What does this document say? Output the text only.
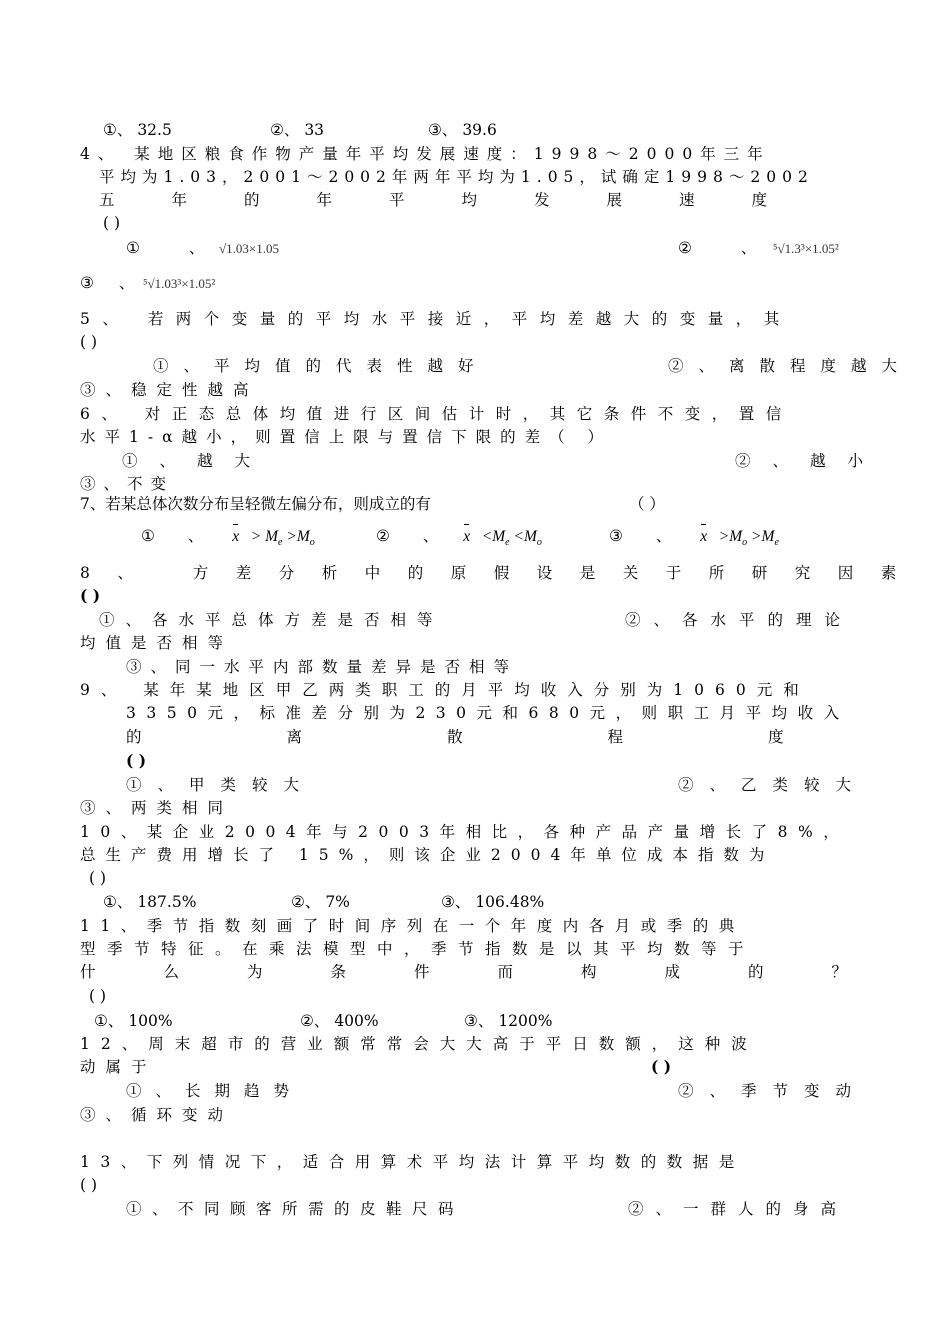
①、 32.5	②、 33	③、 39.6
4、 某地区粮食作物产量年平均发展速度：1998～2000年三年
平均为1.03，2001～2002年两年平均为1.05，试确定1998～2002
五年的年平均发展速度
( )
① 、
√1.03×1.05	② 、
⁵√1.3³×1.05²
③ 、
⁵√1.03³×1.05²
5、 若两个变量的平均水平接近，平均差越大的变量，其
( )
①、平均值的代表性越好	②、离散程度越大
③、稳定性越高
6、 对正态总体均值进行区间估计时，其它条件不变，置信
水平1-α越小，则置信上限与置信下限的差（ ）
①、越大	②、越小
③、不变
7、若某总体次数分布呈轻微左偏分布，则成立的有	（ ）
① 、 $x > M_e >M_o$	② 、 $x <M_e <M_o$	③ 、 $x >M_o >M_e$
8、 方差分析中的原假设是关于所研究因素
( )
①、各水平总体方差是否相等	②、各水平的理论
均值是否相等
③、同一水平内部数量差异是否相等
9、 某年某地区甲乙两类职工的月平均收入分别为1060元和
3350元，标准差分别为230元和680元，则职工月平均收入
的离散程度
( )
①、甲类较大	②、乙类较大
③、两类相同
10、某企业2004年与2003年相比，各种产品产量增长了8%，
总生产费用增长了 15%，则该企业2004年单位成本指数为
( )
①、 187.5%	②、 7%	③、 106.48%
11、季节指数刻画了时间序列在一个年度内各月或季的典
型季节特征。在乘法模型中，季节指数是以其平均数等于
什么为条件而构成的？
( )
①、 100%	②、 400%	③、 1200%
12、周末超市的营业额常常会大大高于平日数额，这种波
动属于	( )
①、长期趋势	②、季节变动
③、循环变动
13、下列情况下，适合用算术平均法计算平均数的数据是
( )
①、不同顾客所需的皮鞋尺码	②、一群人的身高
